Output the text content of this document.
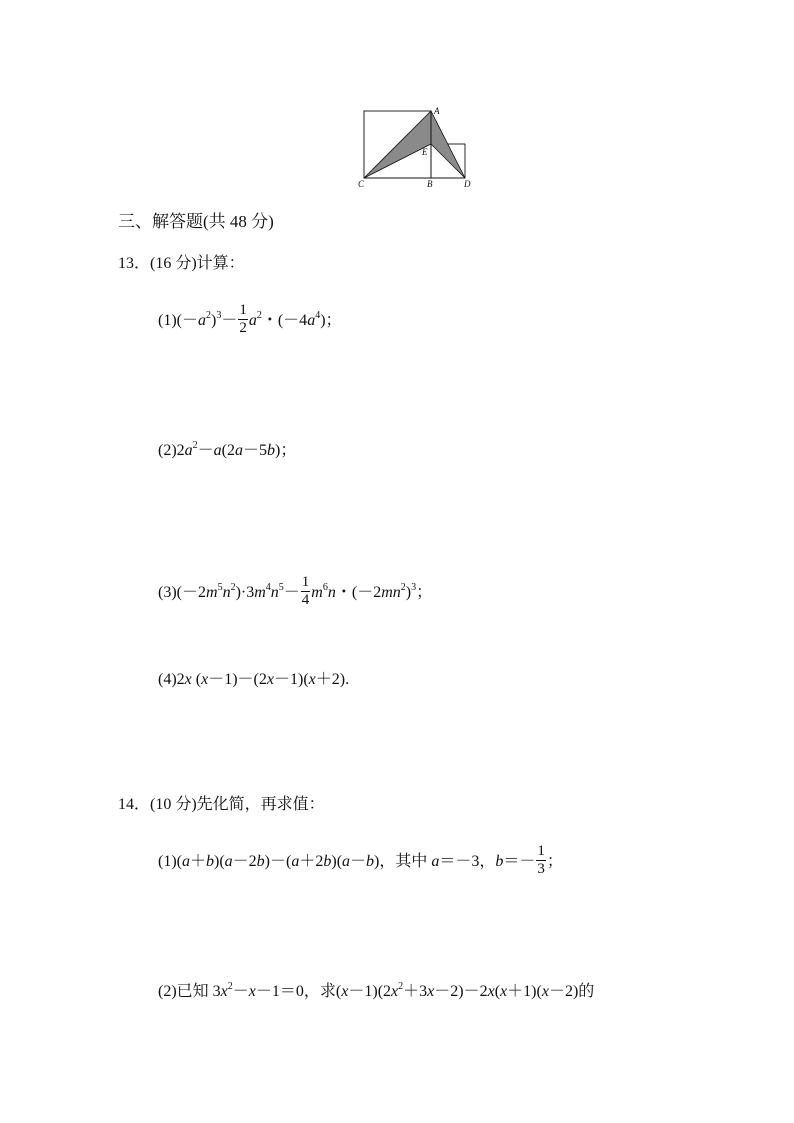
A
C	B	D
E
三、解答题(共 48 分)
13．(16 分)计算：
$(1)(-a^2)^3- \frac{1}{2} a^2$・$(-4a^4)$；
$(2)2a^2-a(2a-5b)$；
$(3)(-2m^5n^2)\cdot 3m^4n^5- \frac{1}{4} m^6n$・$(-2mn^2)^3$；
(4)2x (x－1)－(2x－1)(x＋2).
14．(10 分)先化简，再求值：
(1)(a＋b)(a－2b)－(a＋2b)(a－b)，其中 a＝－3，$b=- \frac{1}{3}$ ；
(2)已知 $3x^2-x-1=0$，求$(x-1)(2x^2+3x-2)-2x(x+1)(x-2)$的
